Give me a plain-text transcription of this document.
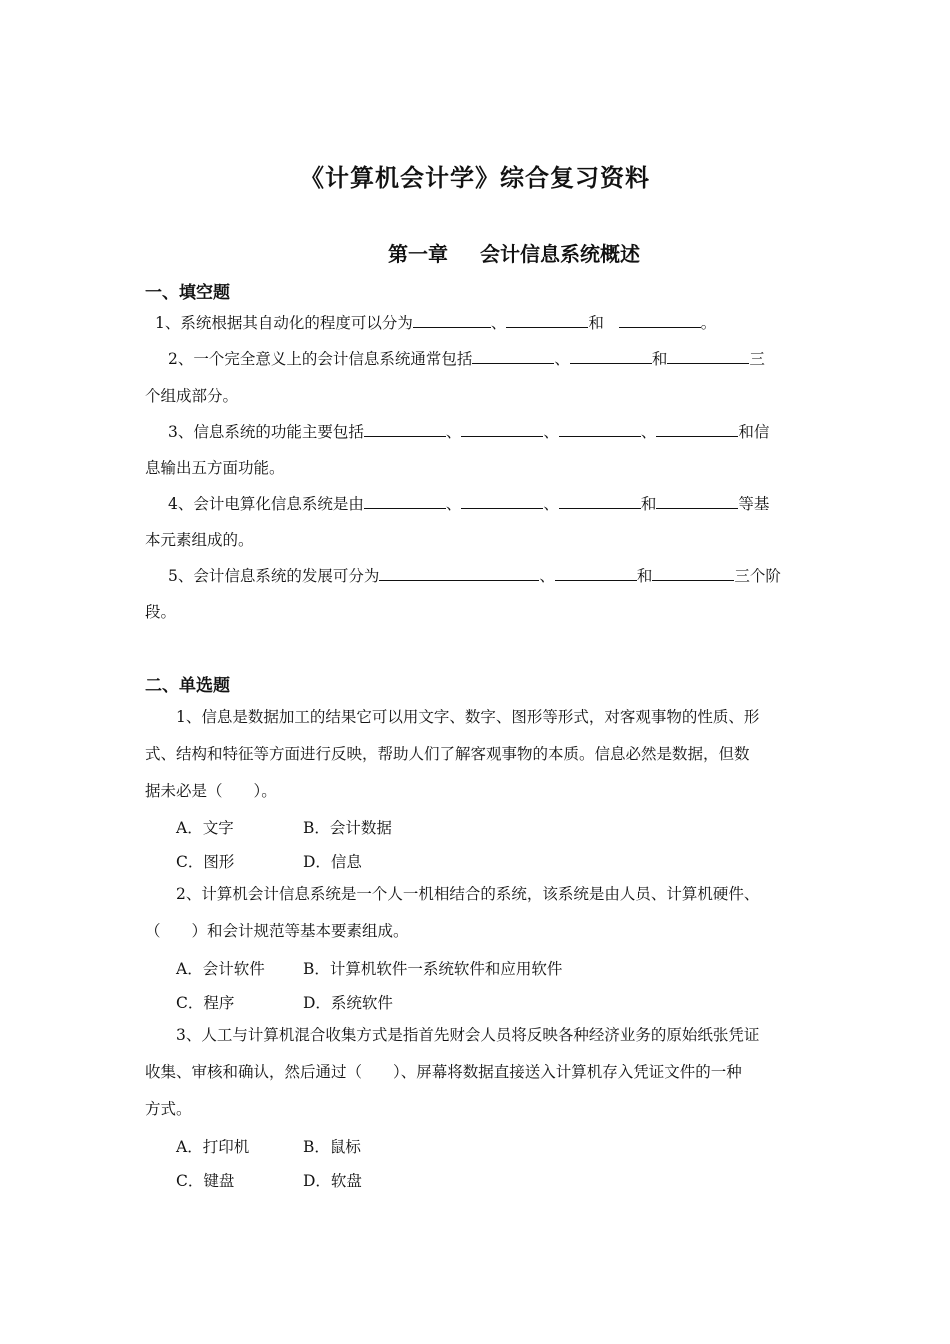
《计算机会计学》综合复习资料
第一章 会计信息系统概述
一、填空题
1、系统根据其自动化的程度可以分为	、	和	。
2、一个完全意义上的会计信息系统通常包括	、	和	三
个组成部分。
3、信息系统的功能主要包括	、	、	、	和信
息输出五方面功能。
4、会计电算化信息系统是由	、	、	和	等基
本元素组成的。
5、会计信息系统的发展可分为	、	和	三个阶
段。
二、单选题
1、信息是数据加工的结果它可以用文字、数字、图形等形式，对客观事物的性质、形
式、结构和特征等方面进行反映，帮助人们了解客观事物的本质。信息必然是数据，但数
据未必是（　　）。
A．文字	B．会计数据
C．图形	D．信息
2、计算机会计信息系统是一个人一机相结合的系统，该系统是由人员、计算机硬件、
（　　）和会计规范等基本要素组成。
A．会计软件 B．计算机软件一系统软件和应用软件
C．程序	D．系统软件
3、人工与计算机混合收集方式是指首先财会人员将反映各种经济业务的原始纸张凭证
收集、审核和确认，然后通过（　　）、屏幕将数据直接送入计算机存入凭证文件的一种
方式。
A．打印机	B．鼠标
C．键盘	D．软盘
